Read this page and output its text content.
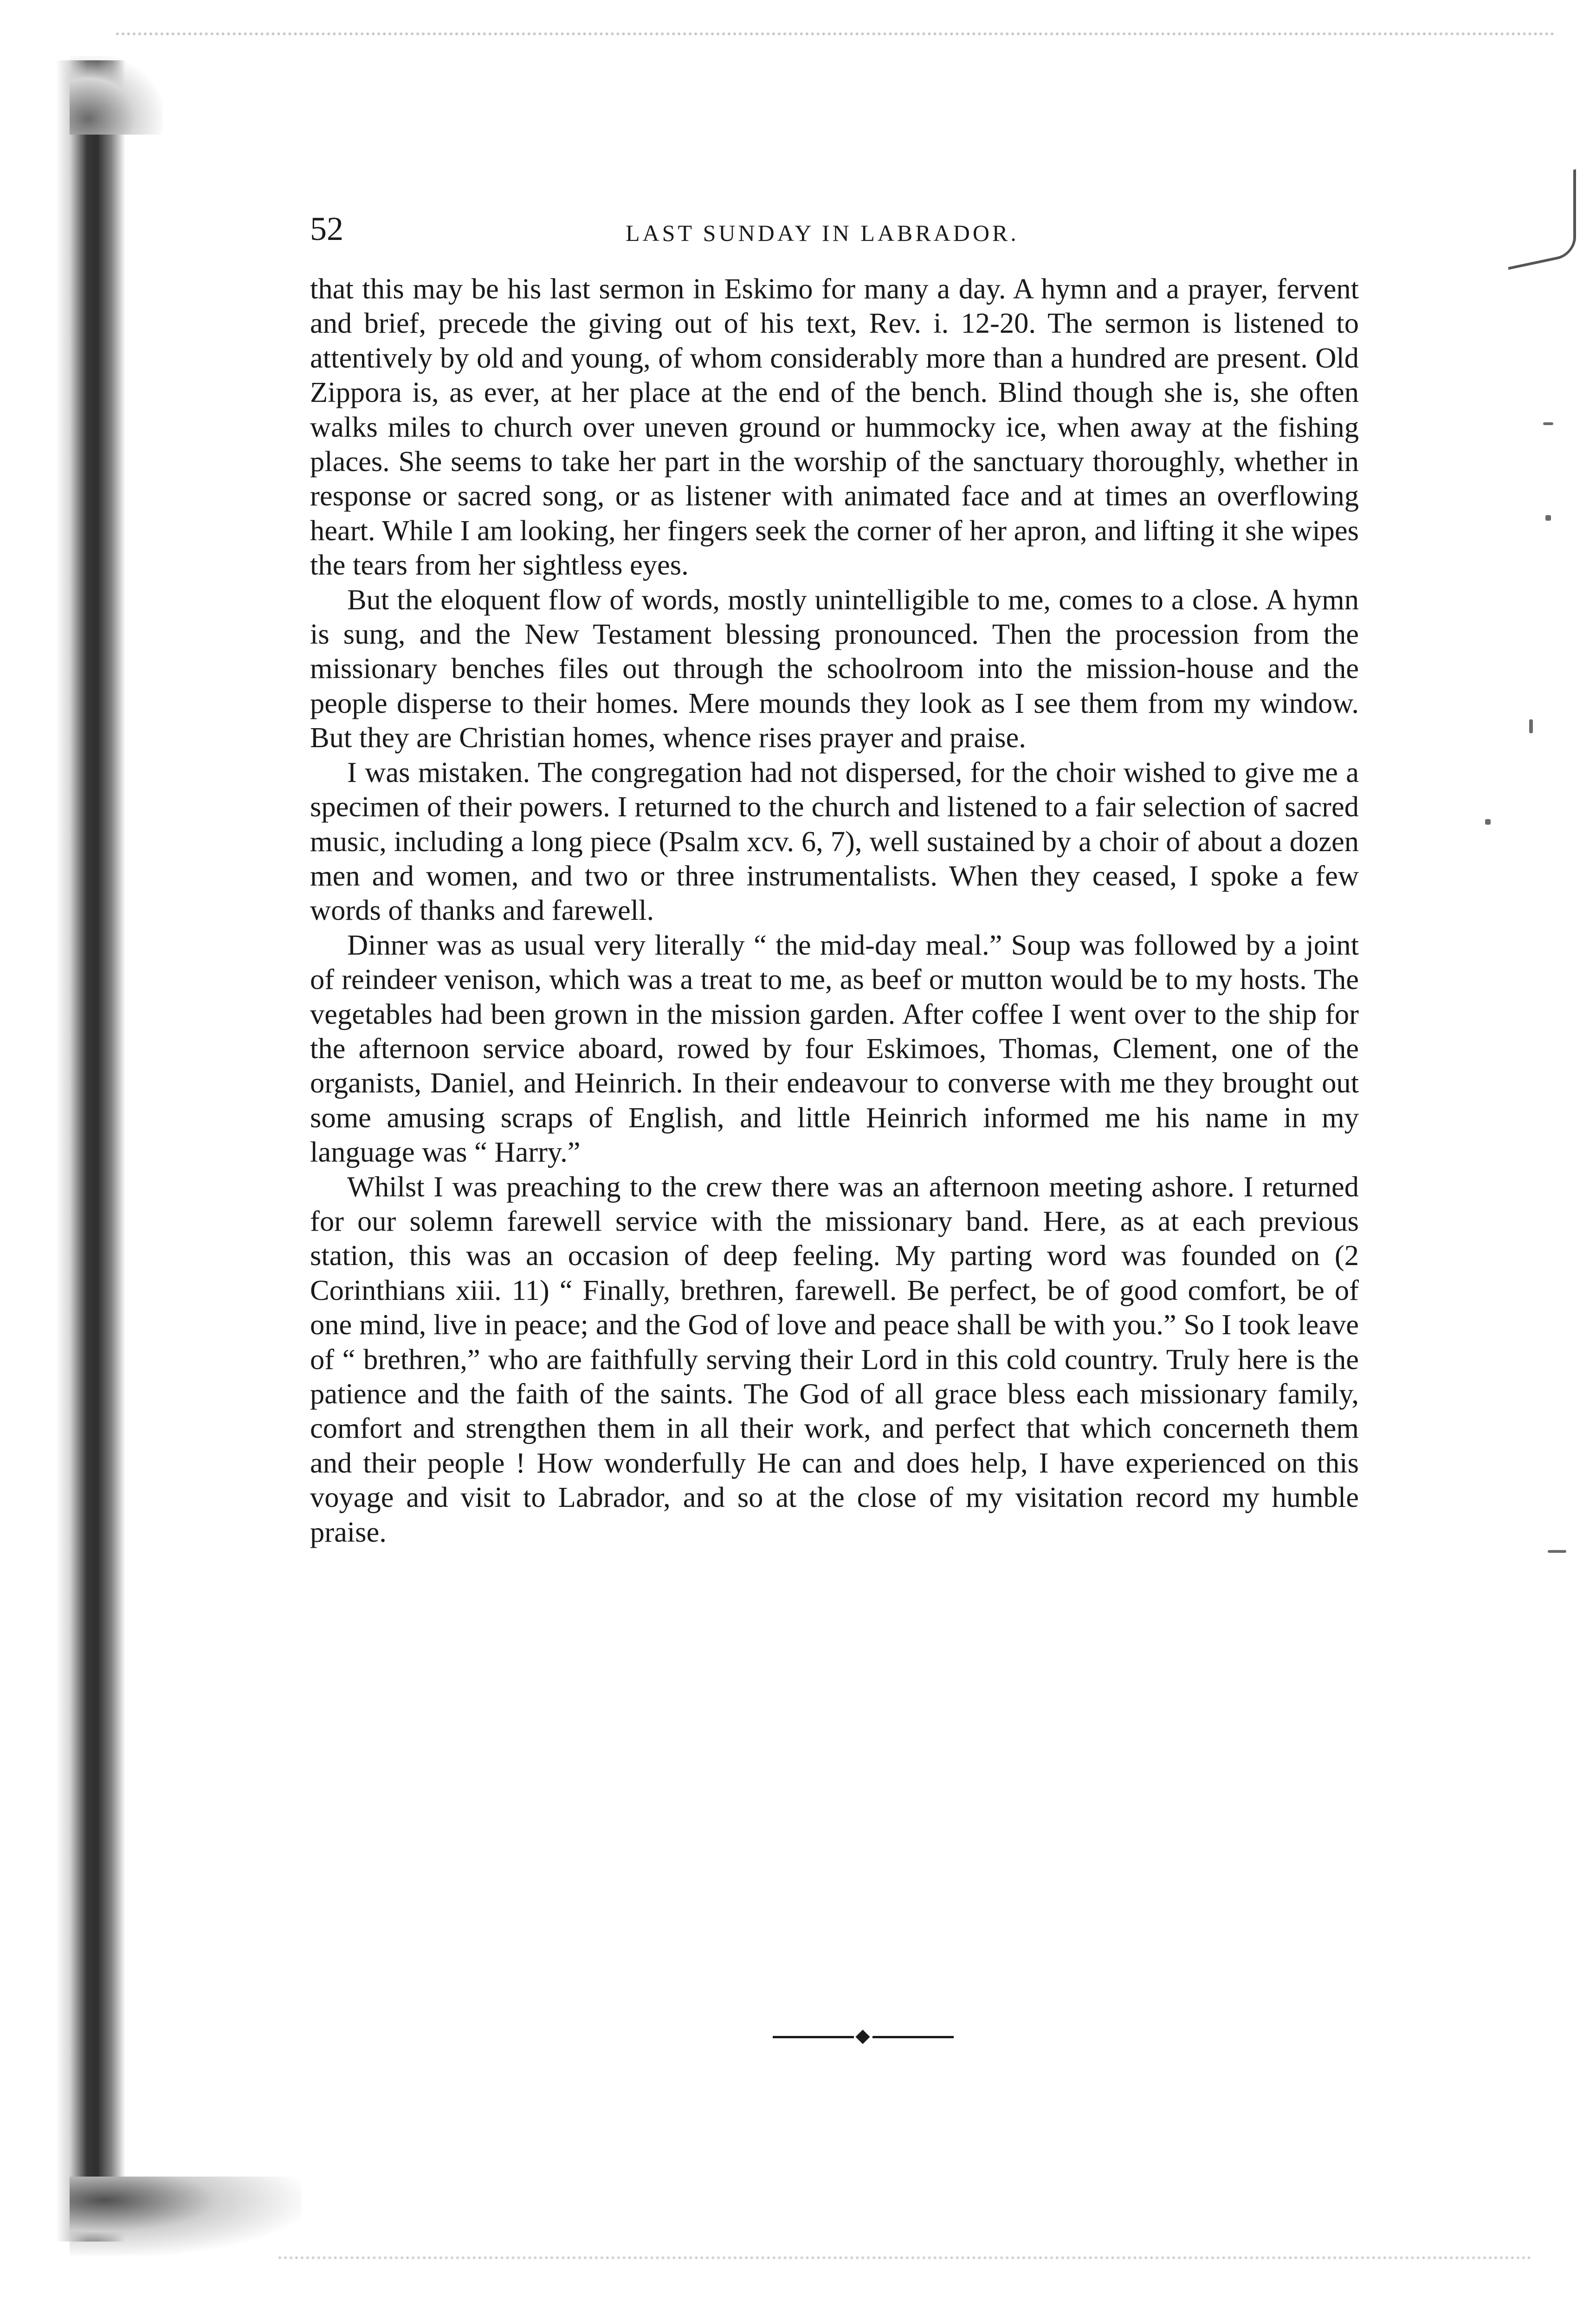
52	LAST SUNDAY IN LABRADOR.

that this may be his last sermon in Eskimo for many a day. A hymn and a prayer, fervent and brief, precede the giving out of his text, Rev. i. 12-20. The sermon is listened to attentively by old and young, of whom considerably more than a hundred are present. Old Zippora is, as ever, at her place at the end of the bench. Blind though she is, she often walks miles to church over uneven ground or hummocky ice, when away at the fishing places. She seems to take her part in the worship of the sanctuary thoroughly, whether in response or sacred song, or as listener with animated face and at times an overflowing heart. While I am looking, her fingers seek the corner of her apron, and lifting it she wipes the tears from her sightless eyes.

But the eloquent flow of words, mostly unintelligible to me, comes to a close. A hymn is sung, and the New Testament blessing pronounced. Then the procession from the missionary benches files out through the schoolroom into the mission-house and the people disperse to their homes. Mere mounds they look as I see them from my window. But they are Christian homes, whence rises prayer and praise.

I was mistaken. The congregation had not dispersed, for the choir wished to give me a specimen of their powers. I returned to the church and listened to a fair selection of sacred music, including a long piece (Psalm xcv. 6, 7), well sustained by a choir of about a dozen men and women, and two or three instrumentalists. When they ceased, I spoke a few words of thanks and farewell.

Dinner was as usual very literally “ the mid-day meal.” Soup was followed by a joint of reindeer venison, which was a treat to me, as beef or mutton would be to my hosts. The vegetables had been grown in the mission garden. After coffee I went over to the ship for the afternoon service aboard, rowed by four Eskimoes, Thomas, Clement, one of the organists, Daniel, and Heinrich. In their endeavour to converse with me they brought out some amusing scraps of English, and little Heinrich informed me his name in my language was “ Harry.”

Whilst I was preaching to the crew there was an afternoon meeting ashore. I returned for our solemn farewell service with the missionary band. Here, as at each previous station, this was an occasion of deep feeling. My parting word was founded on (2 Corinthians xiii. 11) “ Finally, brethren, farewell. Be perfect, be of good comfort, be of one mind, live in peace; and the God of love and peace shall be with you.” So I took leave of “ brethren,” who are faithfully serving their Lord in this cold country. Truly here is the patience and the faith of the saints. The God of all grace bless each missionary family, comfort and strengthen them in all their work, and perfect that which concerneth them and their people ! How wonderfully He can and does help, I have experienced on this voyage and visit to Labrador, and so at the close of my visitation record my humble praise.
